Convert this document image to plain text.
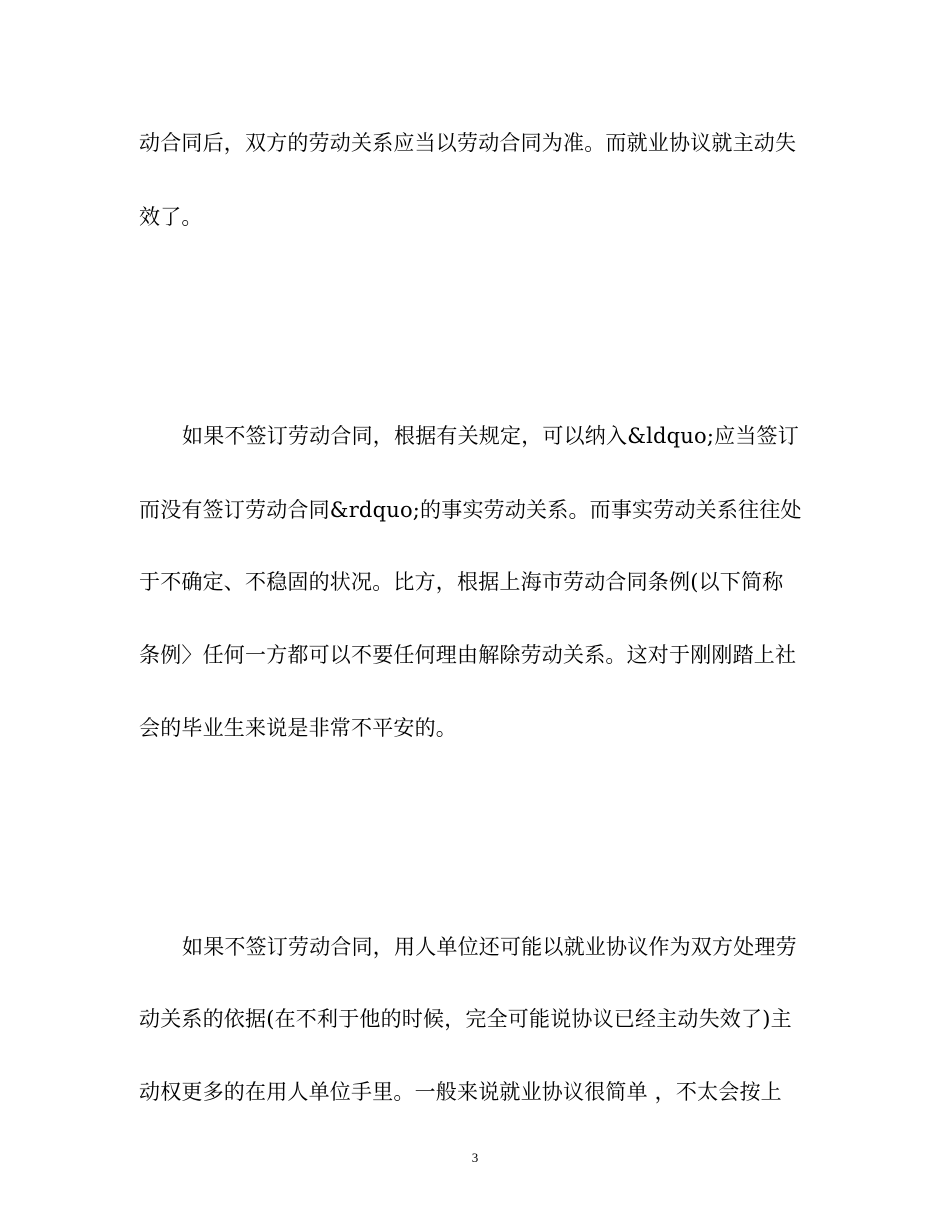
动合同后，双方的劳动关系应当以劳动合同为准。而就业协议就主动失
效了。
如果不签订劳动合同，根据有关规定，可以纳入&ldquo;应当签订
而没有签订劳动合同&rdquo;的事实劳动关系。而事实劳动关系往往处
于不确定、不稳固的状况。比方，根据上海市劳动合同条例(以下简称
条例〉任何一方都可以不要任何理由解除劳动关系。这对于刚刚踏上社
会的毕业生来说是非常不平安的。
如果不签订劳动合同，用人单位还可能以就业协议作为双方处理劳
动关系的依据(在不利于他的时候，完全可能说协议已经主动失效了)主
动权更多的在用人单位手里。一般来说就业协议很简单 ，不太会按上
3
